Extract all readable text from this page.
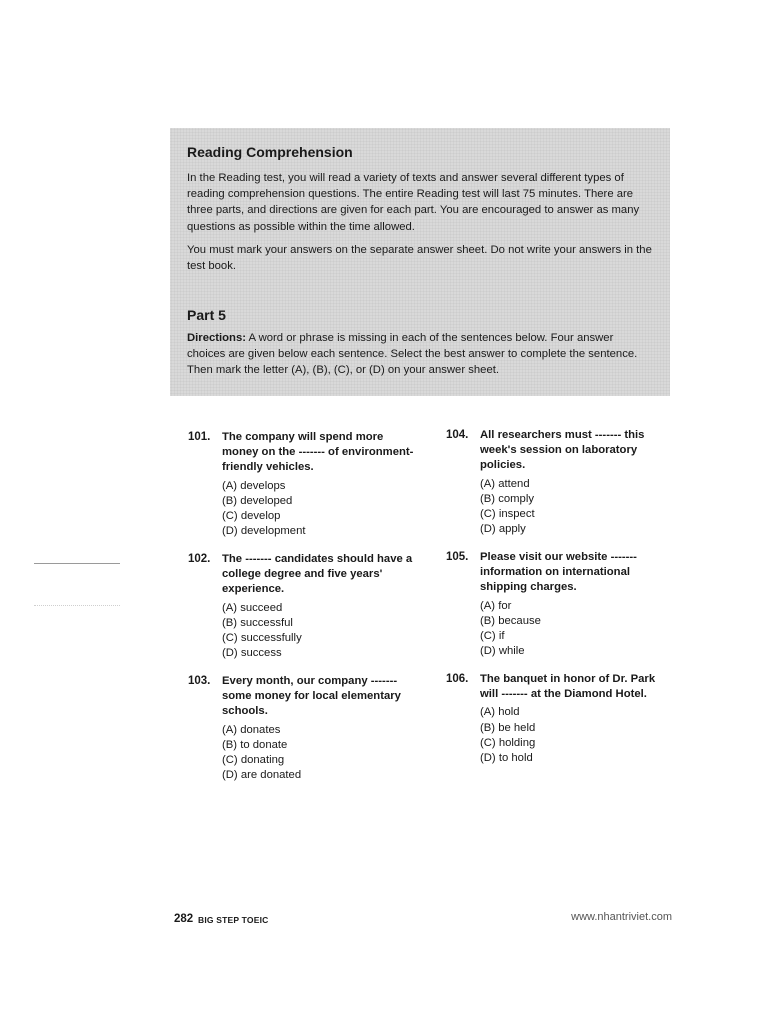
Reading Comprehension

In the Reading test, you will read a variety of texts and answer several different types of reading comprehension questions. The entire Reading test will last 75 minutes. There are three parts, and directions are given for each part. You are encouraged to answer as many questions as possible within the time allowed.

You must mark your answers on the separate answer sheet. Do not write your answers in the test book.

Part 5

Directions: A word or phrase is missing in each of the sentences below. Four answer choices are given below each sentence. Select the best answer to complete the sentence. Then mark the letter (A), (B), (C), or (D) on your answer sheet.

101. The company will spend more money on the ------- of environment-friendly vehicles.
(A) develops
(B) developed
(C) develop
(D) development
102. The ------- candidates should have a college degree and five years' experience.
(A) succeed
(B) successful
(C) successfully
(D) success
103. Every month, our company ------- some money for local elementary schools.
(A) donates
(B) to donate
(C) donating
(D) are donated
104. All researchers must ------- this week's session on laboratory policies.
(A) attend
(B) comply
(C) inspect
(D) apply
105. Please visit our website ------- information on international shipping charges.
(A) for
(B) because
(C) if
(D) while
106. The banquet in honor of Dr. Park will ------- at the Diamond Hotel.
(A) hold
(B) be held
(C) holding
(D) to hold
282 BIG STEP TOEIC	www.nhantriviet.com
